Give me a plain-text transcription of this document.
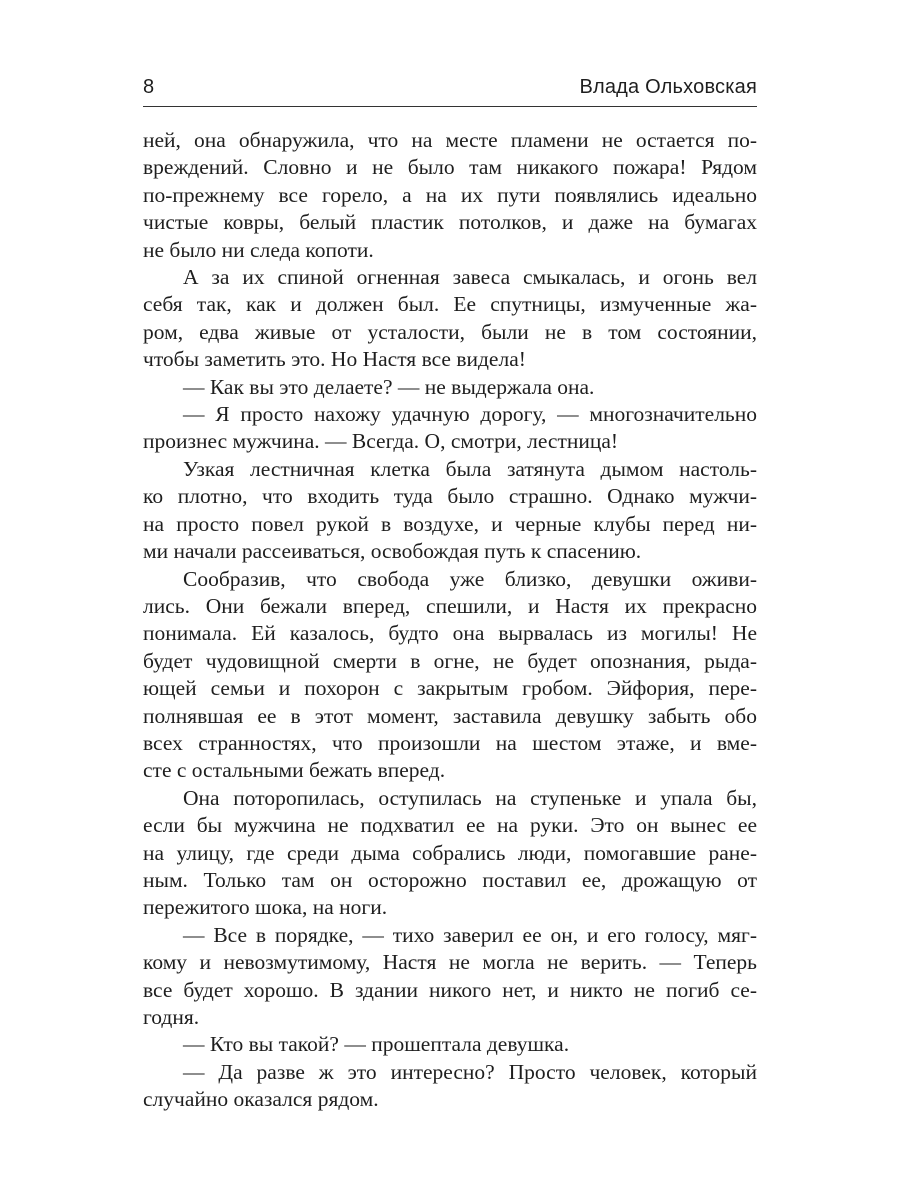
8	Влада Ольховская
ней, она обнаружила, что на месте пламени не остается по-
вреждений. Словно и не было там никакого пожара! Рядом
по-прежнему все горело, а на их пути появлялись идеально
чистые ковры, белый пластик потолков, и даже на бумагах
не было ни следа копоти.
А за их спиной огненная завеса смыкалась, и огонь вел
себя так, как и должен был. Ее спутницы, измученные жа-
ром, едва живые от усталости, были не в том состоянии,
чтобы заметить это. Но Настя все видела!
— Как вы это делаете? — не выдержала она.
— Я просто нахожу удачную дорогу, — многозначительно
произнес мужчина. — Всегда. О, смотри, лестница!
Узкая лестничная клетка была затянута дымом настоль-
ко плотно, что входить туда было страшно. Однако мужчи-
на просто повел рукой в воздухе, и черные клубы перед ни-
ми начали рассеиваться, освобождая путь к спасению.
Сообразив, что свобода уже близко, девушки оживи-
лись. Они бежали вперед, спешили, и Настя их прекрасно
понимала. Ей казалось, будто она вырвалась из могилы! Не
будет чудовищной смерти в огне, не будет опознания, рыда-
ющей семьи и похорон с закрытым гробом. Эйфория, пере-
полнявшая ее в этот момент, заставила девушку забыть обо
всех странностях, что произошли на шестом этаже, и вме-
сте с остальными бежать вперед.
Она поторопилась, оступилась на ступеньке и упала бы,
если бы мужчина не подхватил ее на руки. Это он вынес ее
на улицу, где среди дыма собрались люди, помогавшие ране-
ным. Только там он осторожно поставил ее, дрожащую от
пережитого шока, на ноги.
— Все в порядке, — тихо заверил ее он, и его голосу, мяг-
кому и невозмутимому, Настя не могла не верить. — Теперь
все будет хорошо. В здании никого нет, и никто не погиб се-
годня.
— Кто вы такой? — прошептала девушка.
— Да разве ж это интересно? Просто человек, который
случайно оказался рядом.
